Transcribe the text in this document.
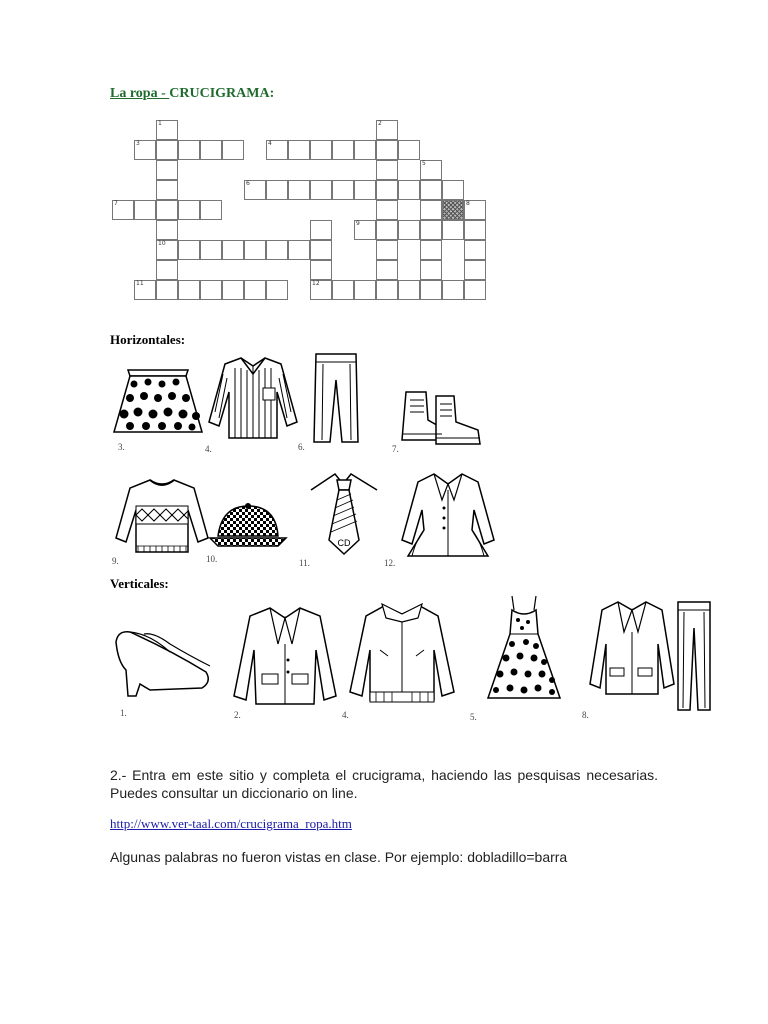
La ropa - CRUCIGRAMA:
1	2
3	4
5
6
7	8
9
10
11	12
Horizontales:
3.	4.	6.	7.
9.	10.
CD
11.	12.
Verticales:
1.	2.	4.	5.	8.
2.- Entra em este sitio y completa el crucigrama, haciendo las pesquisas necesarias. Puedes consultar un diccionario on line.
http://www.ver-taal.com/crucigrama_ropa.htm
Algunas palabras no fueron vistas en clase. Por ejemplo: dobladillo=barra
